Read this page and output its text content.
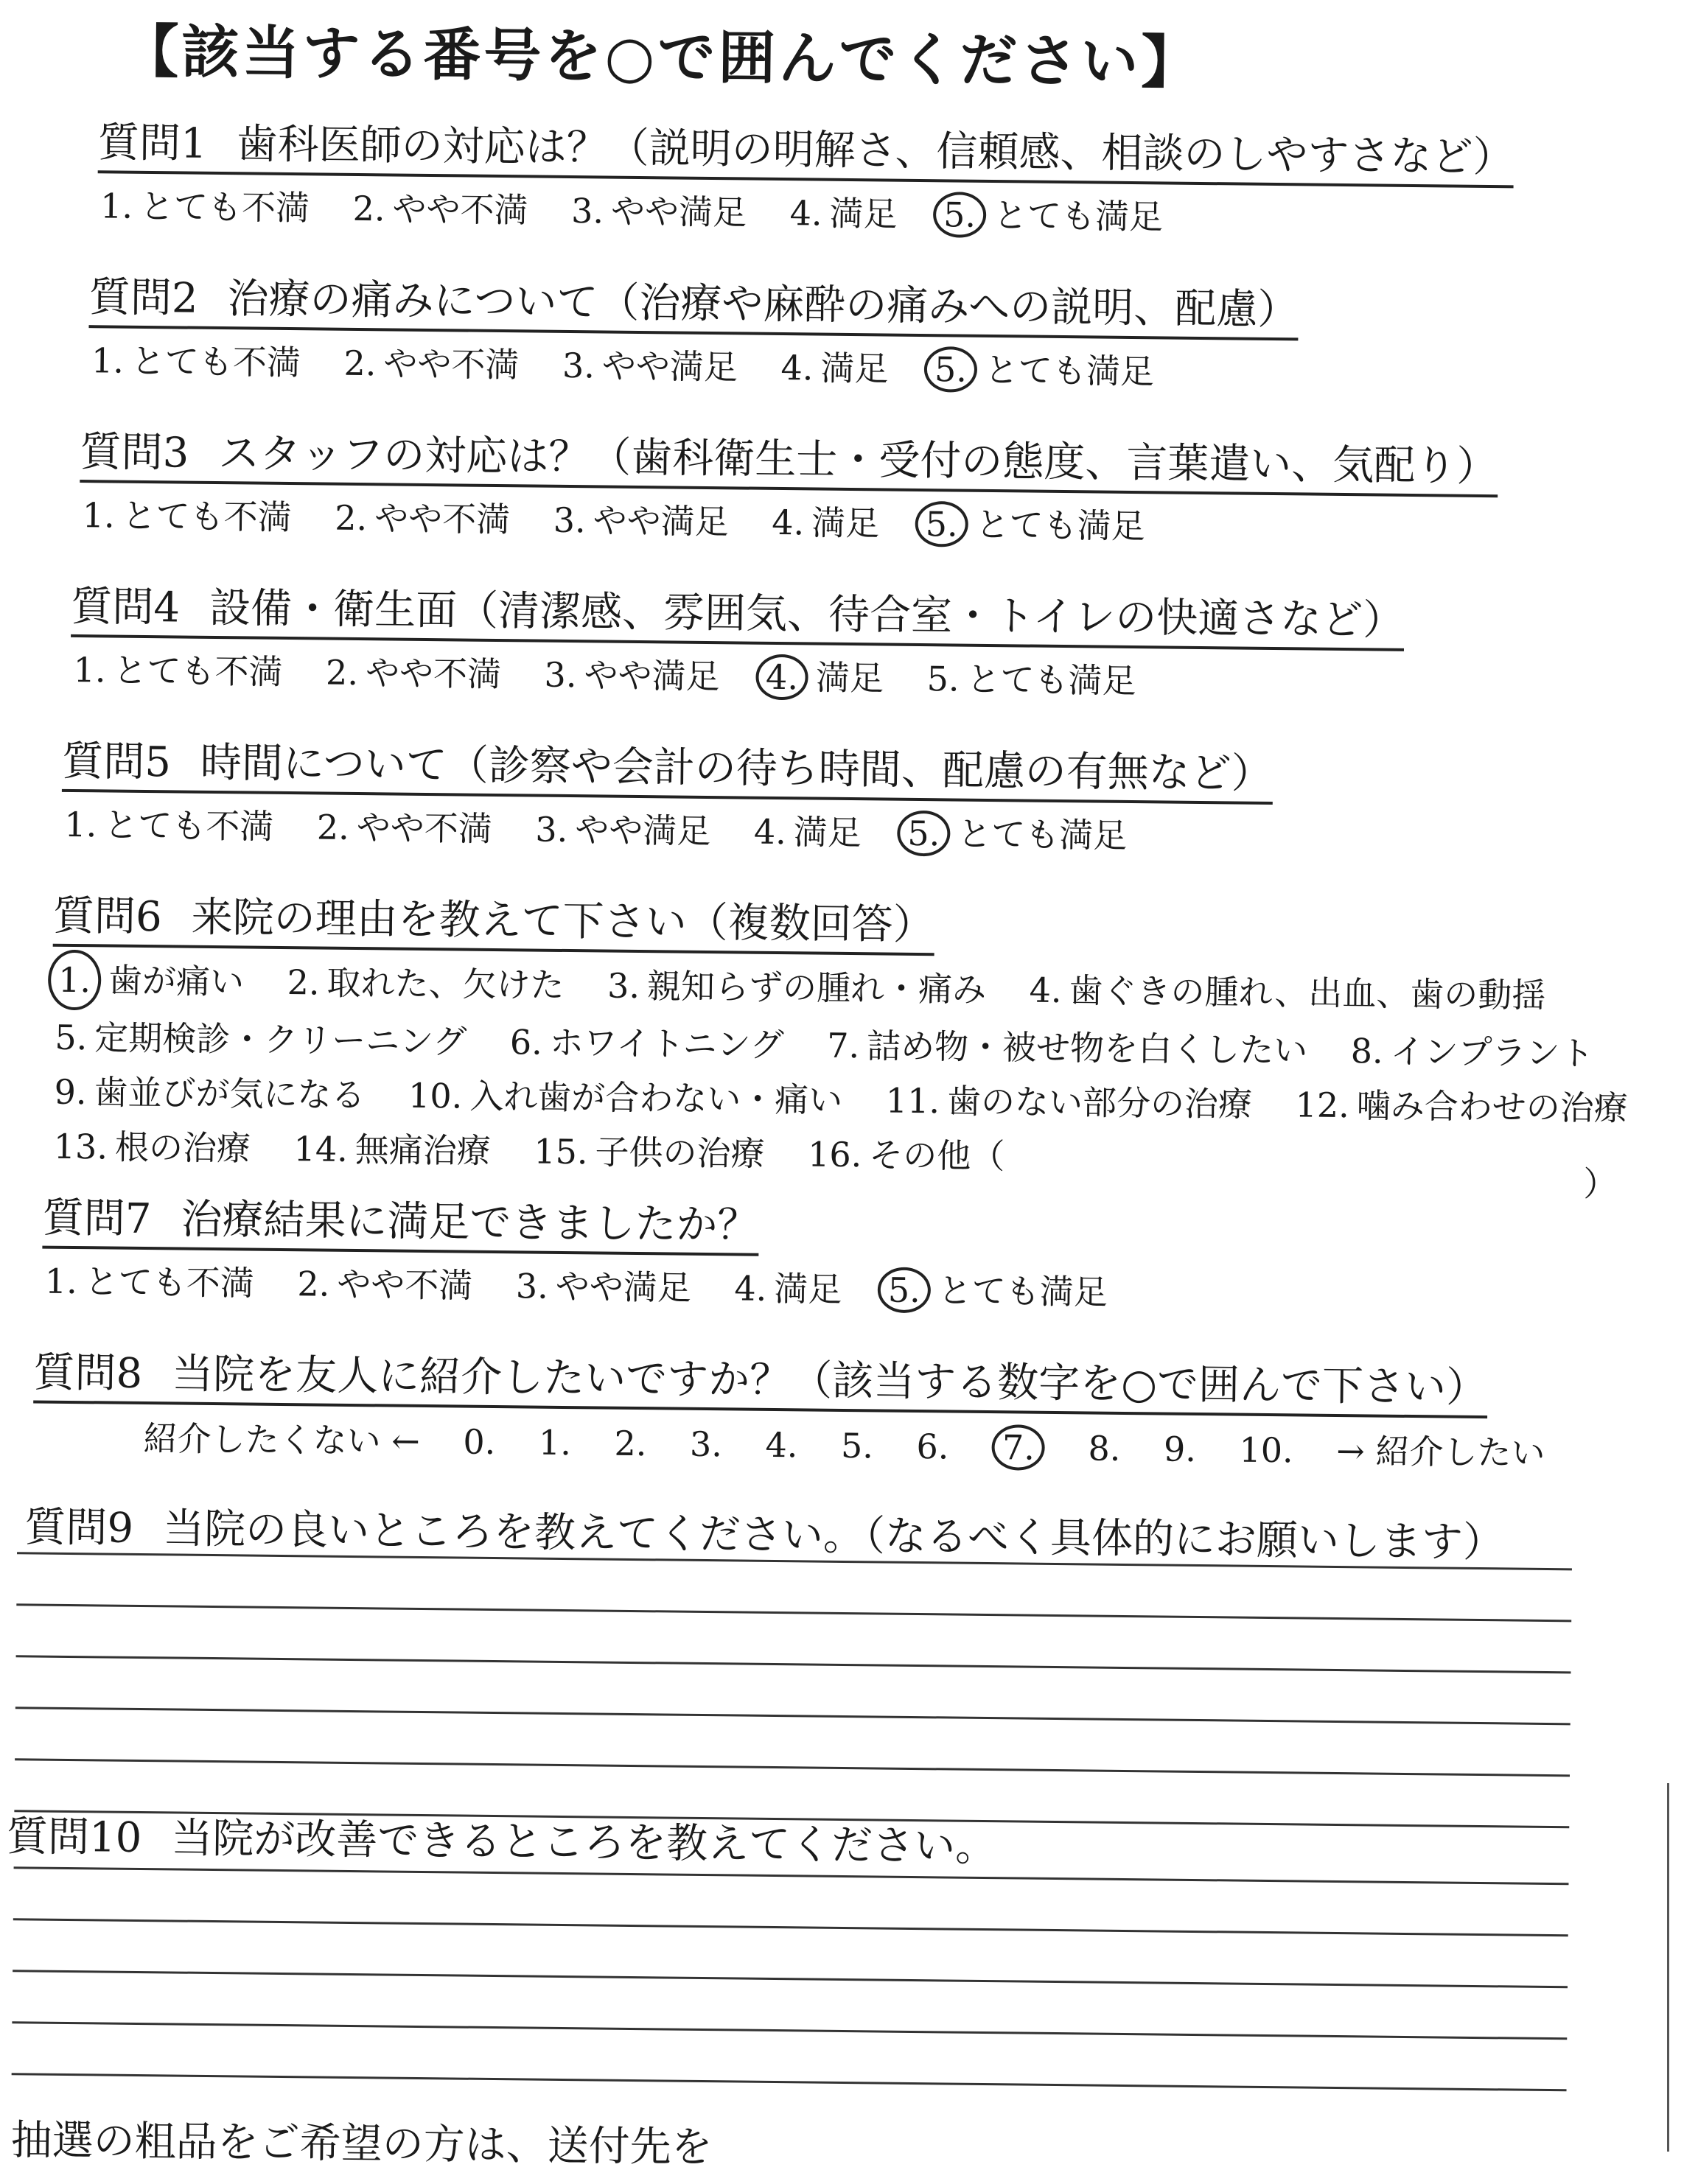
【該当する番号を○で囲んでください】
質問1 歯科医師の対応は？（説明の明解さ、信頼感、相談のしやすさなど）
1. とても不満 2. やや不満 3. やや満足 4. 満足 5. とても満足
質問2 治療の痛みについて（治療や麻酔の痛みへの説明、配慮）
1. とても不満 2. やや不満 3. やや満足 4. 満足 5. とても満足
質問3 スタッフの対応は？（歯科衛生士・受付の態度、言葉遣い、気配り）
1. とても不満 2. やや不満 3. やや満足 4. 満足 5. とても満足
質問4 設備・衛生面（清潔感、雰囲気、待合室・トイレの快適さなど）
1. とても不満 2. やや不満 3. やや満足 4. 満足 5. とても満足
質問5 時間について（診察や会計の待ち時間、配慮の有無など）
1. とても不満 2. やや不満 3. やや満足 4. 満足 5. とても満足
質問6 来院の理由を教えて下さい（複数回答）
1. 歯が痛い 2. 取れた、欠けた 3. 親知らずの腫れ・痛み 4. 歯ぐきの腫れ、出血、歯の動揺
5. 定期検診・クリーニング 6. ホワイトニング 7. 詰め物・被せ物を白くしたい 8. インプラント
9. 歯並びが気になる 10. 入れ歯が合わない・痛い 11. 歯のない部分の治療 12. 噛み合わせの治療
13. 根の治療 14. 無痛治療 15. 子供の治療 16. その他（
）
質問7 治療結果に満足できましたか？
1. とても不満 2. やや不満 3. やや満足 4. 満足 5. とても満足
質問8 当院を友人に紹介したいですか？（該当する数字を○で囲んで下さい）
紹介したくない ← 0. 1. 2. 3. 4. 5. 6. 7. 8. 9. 10. → 紹介したい
質問9 当院の良いところを教えてください。（なるべく具体的にお願いします）
質問10 当院が改善できるところを教えてください。
抽選の粗品をご希望の方は、送付先を
